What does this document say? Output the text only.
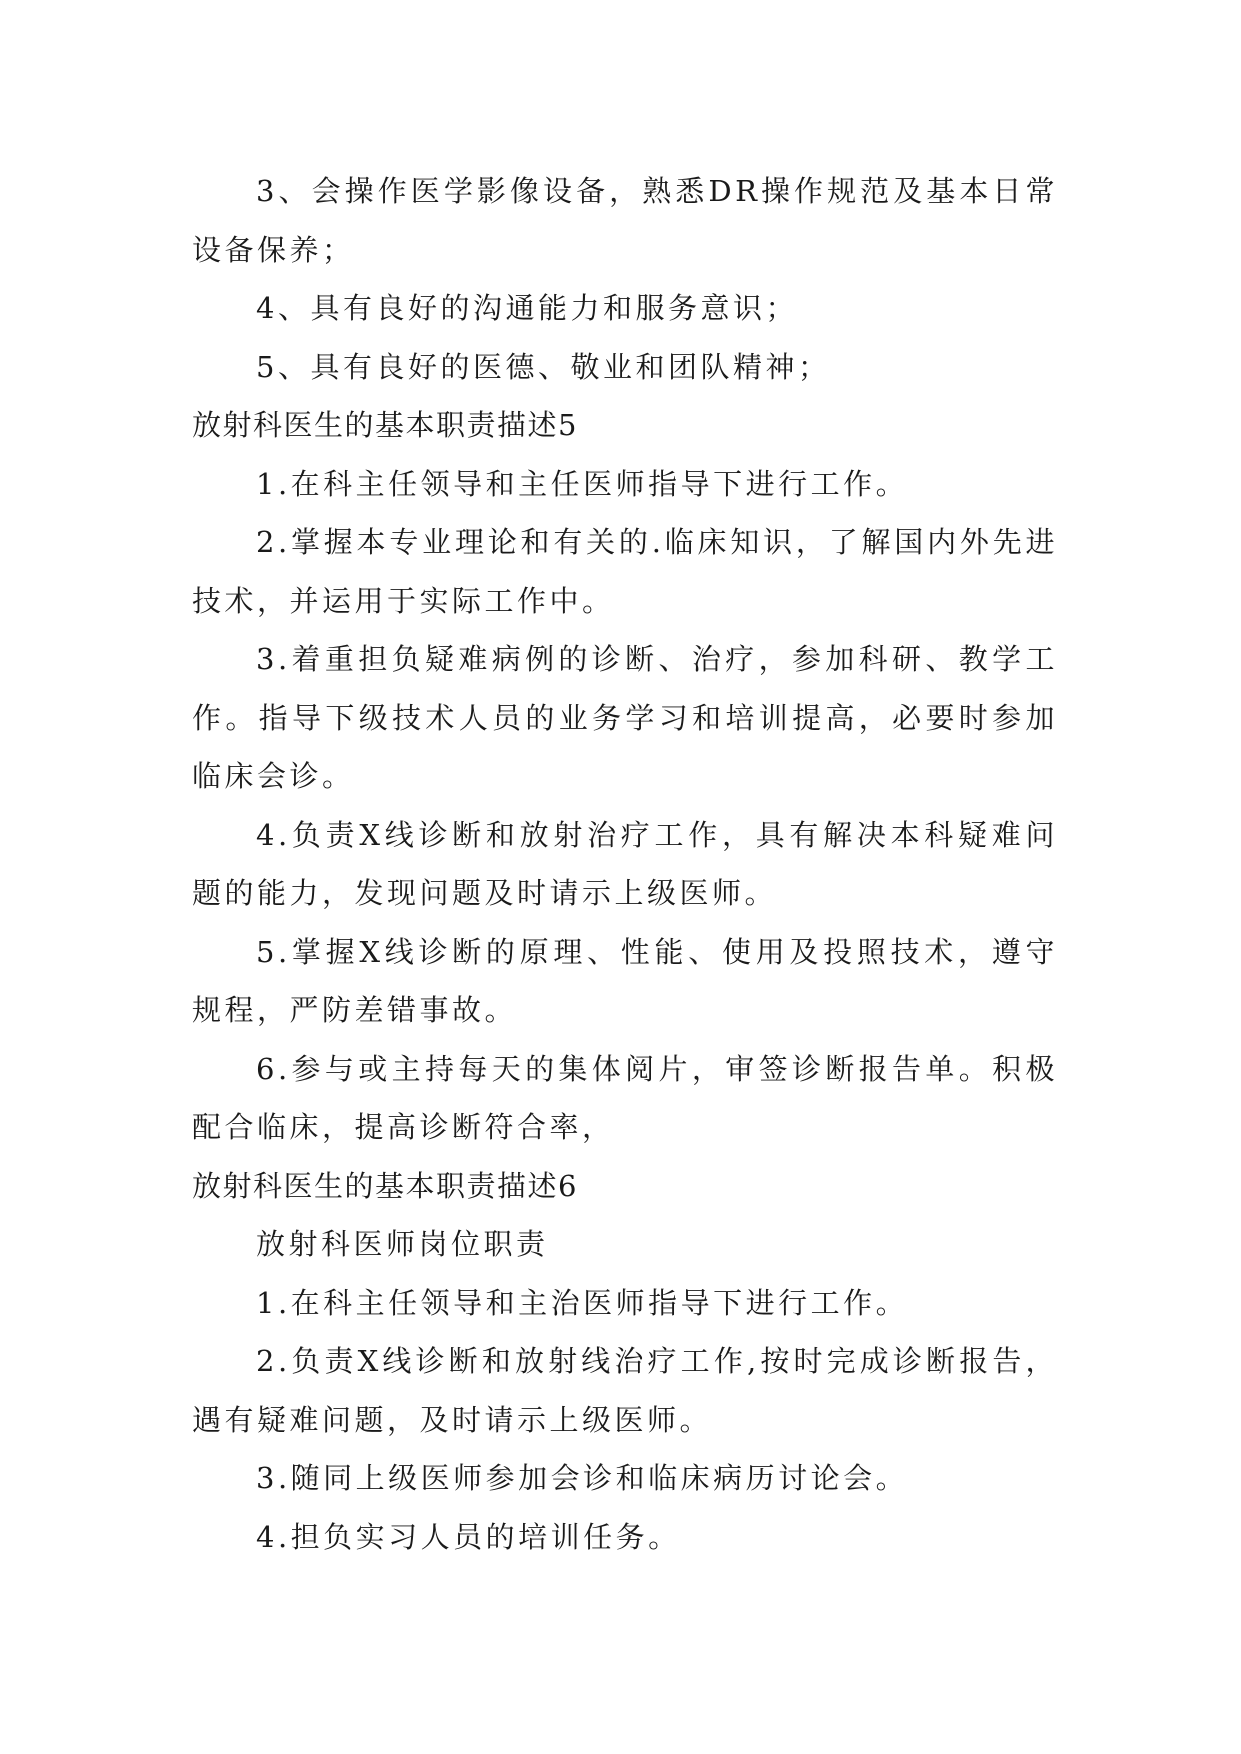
3、会操作医学影像设备，熟悉DR操作规范及基本日常设备保养；

4、具有良好的沟通能力和服务意识；

5、具有良好的医德、敬业和团队精神；

放射科医生的基本职责描述5

1.在科主任领导和主任医师指导下进行工作。

2.掌握本专业理论和有关的.临床知识，了解国内外先进技术，并运用于实际工作中。

3.着重担负疑难病例的诊断、治疗，参加科研、教学工作。指导下级技术人员的业务学习和培训提高，必要时参加临床会诊。

4.负责X线诊断和放射治疗工作，具有解决本科疑难问题的能力，发现问题及时请示上级医师。

5.掌握X线诊断的原理、性能、使用及投照技术，遵守规程，严防差错事故。

6.参与或主持每天的集体阅片，审签诊断报告单。积极配合临床，提高诊断符合率，

放射科医生的基本职责描述6

放射科医师岗位职责

1.在科主任领导和主治医师指导下进行工作。

2.负责X线诊断和放射线治疗工作,按时完成诊断报告，遇有疑难问题，及时请示上级医师。

3.随同上级医师参加会诊和临床病历讨论会。

4.担负实习人员的培训任务。
